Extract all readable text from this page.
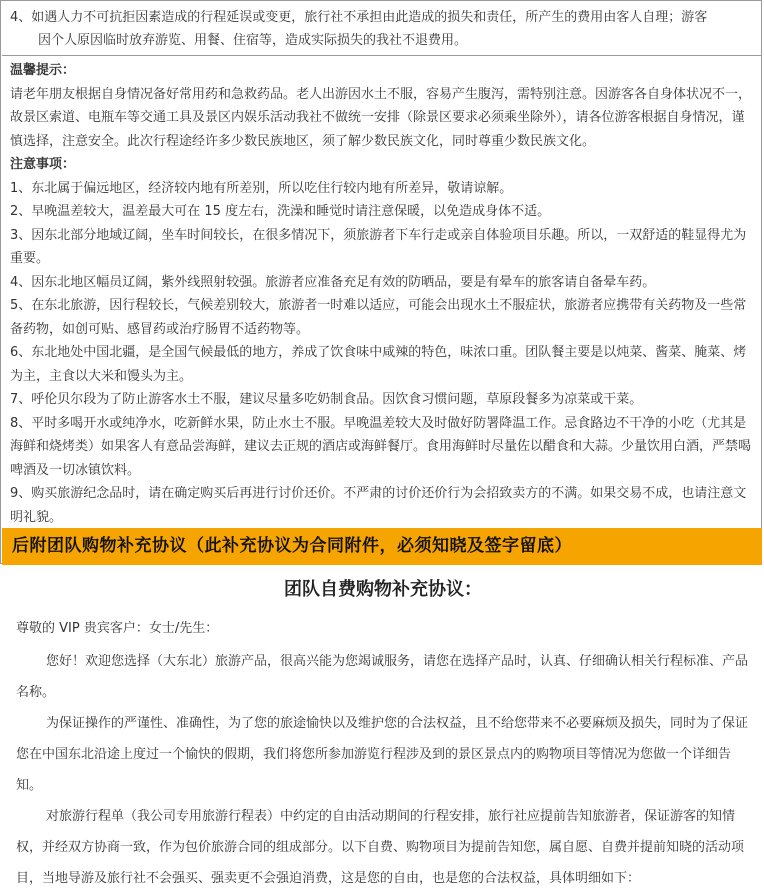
4、如遇人力不可抗拒因素造成的行程延误或变更，旅行社不承担由此造成的损失和责任，所产生的费用由客人自理；游客

因个人原因临时放弃游览、用餐、住宿等，造成实际损失的我社不退费用。

温馨提示：

请老年朋友根据自身情况备好常用药和急救药品。老人出游因水土不服，容易产生腹泻，需特别注意。因游客各自身体状况不一，故景区索道、电瓶车等交通工具及景区内娱乐活动我社不做统一安排（除景区要求必须乘坐除外），请各位游客根据自身情况，谨慎选择，注意安全。此次行程途经许多少数民族地区，须了解少数民族文化，同时尊重少数民族文化。

注意事项：

1、东北属于偏远地区，经济较内地有所差别，所以吃住行较内地有所差异，敬请谅解。

2、早晚温差较大，温差最大可在 15 度左右，洗澡和睡觉时请注意保暖，以免造成身体不适。

3、因东北部分地域辽阔，坐车时间较长，在很多情况下，须旅游者下车行走或亲自体验项目乐趣。所以，一双舒适的鞋显得尤为重要。

4、因东北地区幅员辽阔，紫外线照射较强。旅游者应准备充足有效的防晒品，要是有晕车的旅客请自备晕车药。

5、在东北旅游，因行程较长，气候差别较大，旅游者一时难以适应，可能会出现水土不服症状，旅游者应携带有关药物及一些常备药物，如创可贴、感冒药或治疗肠胃不适药物等。

6、东北地处中国北疆，是全国气候最低的地方，养成了饮食味中咸辣的特色，味浓口重。团队餐主要是以炖菜、酱菜、腌菜、烤为主，主食以大米和馒头为主。

7、呼伦贝尔段为了防止游客水土不服，建议尽量多吃奶制食品。因饮食习惯问题，草原段餐多为凉菜或干菜。

8、平时多喝开水或纯净水，吃新鲜水果，防止水土不服。早晚温差较大及时做好防署降温工作。忌食路边不干净的小吃（尤其是海鲜和烧烤类）如果客人有意品尝海鲜，建议去正规的酒店或海鲜餐厅。食用海鲜时尽量佐以醋食和大蒜。少量饮用白酒，严禁喝啤酒及一切冰镇饮料。

9、购买旅游纪念品时，请在确定购买后再进行讨价还价。不严肃的讨价还价行为会招致卖方的不满。如果交易不成，也请注意文明礼貌。

后附团队购物补充协议（此补充协议为合同附件，必须知晓及签字留底）

团队自费购物补充协议：

尊敬的 VIP 贵宾客户：女士/先生：

您好！欢迎您选择（大东北）旅游产品，很高兴能为您竭诚服务，请您在选择产品时，认真、仔细确认相关行程标准、产品名称。

为保证操作的严谨性、准确性，为了您的旅途愉快以及维护您的合法权益，且不给您带来不必要麻烦及损失，同时为了保证您在中国东北沿途上度过一个愉快的假期，我们将您所参加游览行程涉及到的景区景点内的购物项目等情况为您做一个详细告知。

对旅游行程单（我公司专用旅游行程表）中约定的自由活动期间的行程安排，旅行社应提前告知旅游者，保证游客的知情权，并经双方协商一致，作为包价旅游合同的组成部分。以下自费、购物项目为提前告知您，属自愿、自费并提前知晓的活动项目，当地导游及旅行社不会强买、强卖更不会强迫消费，这是您的自由，也是您的合法权益，具体明细如下：
